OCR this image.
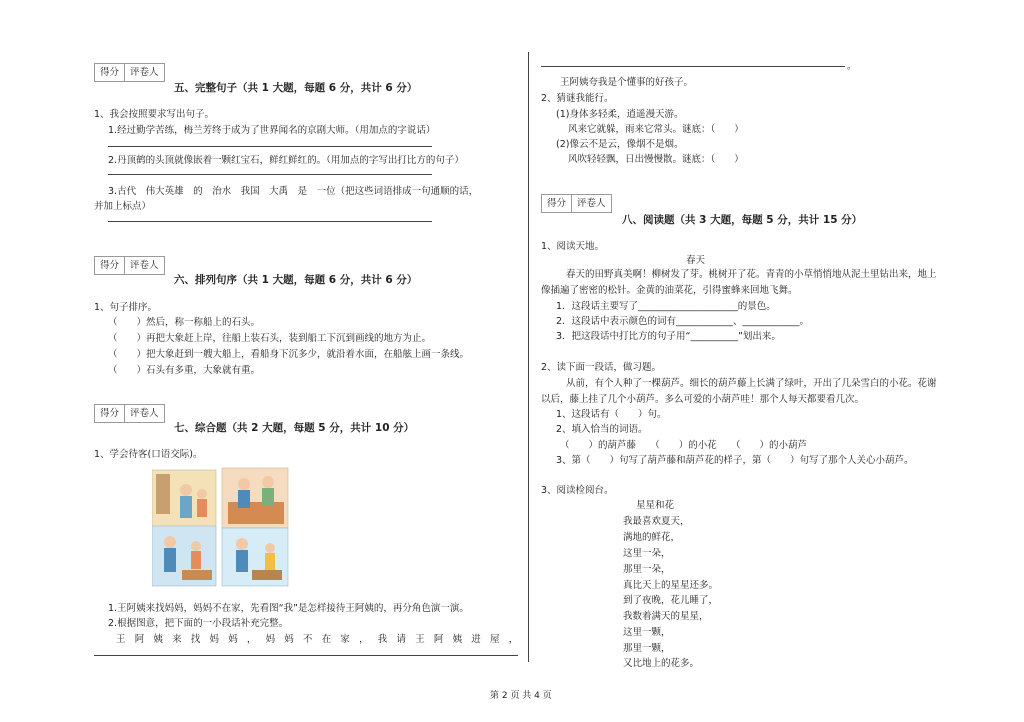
得分	评卷人
五、完整句子（共 1 大题，每题 6 分，共计 6 分）
1、我会按照要求写出句子。
1.经过勤学苦练，梅兰芳终于成为了世界闻名的京剧大师。（用加点的字说话）
2.丹顶鹤的头顶就像嵌着一颗红宝石，鲜红鲜红的。（用加点的字写出打比方的句子）
3.古代　伟大英雄　的　治水　我国　大禹　是　一位（把这些词语排成一句通顺的话，
并加上标点）
得分	评卷人
六、排列句序（共 1 大题，每题 6 分，共计 6 分）
1、句子排序。
（　　）然后，称一称船上的石头。
（　　）再把大象赶上岸，往船上装石头，装到船工下沉到画线的地方为止。
（　　）把大象赶到一艘大船上，看船身下沉多少，就沿着水面，在船舷上画一条线。
（　　）石头有多重，大象就有重。
得分	评卷人
七、综合题（共 2 大题，每题 5 分，共计 10 分）
1、学会待客(口语交际)。
1.王阿姨来找妈妈，妈妈不在家，先看图“我”是怎样接待王阿姨的，再分角色演一演。
2.根据图意，把下面的一小段话补充完整。
王阿姨来找妈妈，妈妈不在家，我请王阿姨进屋，
。
王阿姨夸我是个懂事的好孩子。
2、猜谜我能行。
(1)身体多轻柔，逍遥漫天游。
风来它就躲，雨来它常头。谜底：（　　）
(2)像云不是云，像烟不是烟。
风吹轻轻飘，日出慢慢散。谜底：（　　）
得分	评卷人
八、阅读题（共 3 大题，每题 5 分，共计 15 分）
1、阅读天地。
春天
春天的田野真美啊！柳树发了芽。桃树开了花。青青的小草悄悄地从泥土里钻出来，地上
像插遍了密密的松针。金黄的油菜花，引得蜜蜂来回地飞舞。
1．这段话主要写了_____________________的景色。
2．这段话中表示颜色的词有____________、____________。
3．把这段话中打比方的句子用“__________”划出来。
2、读下面一段话，做习题。
从前，有个人种了一棵葫芦。细长的葫芦藤上长满了绿叶，开出了几朵雪白的小花。花谢
以后，藤上挂了几个小葫芦。多么可爱的小葫芦哇！那个人每天都要看几次。
1、这段话有（　　）句。
2、填入恰当的词语。
（　　）的葫芦藤　　（　　）的小花　　（　　）的小葫芦
3、第（　　）句写了葫芦藤和葫芦花的样子，第（　　）句写了那个人关心小葫芦。
3、阅读检阅台。
星星和花
我最喜欢夏天，
满地的鲜花，
这里一朵，
那里一朵，
真比天上的星星还多。
到了夜晚，花儿睡了，
我数着满天的星星，
这里一颗，
那里一颗，
又比地上的花多。
第 2 页 共 4 页
